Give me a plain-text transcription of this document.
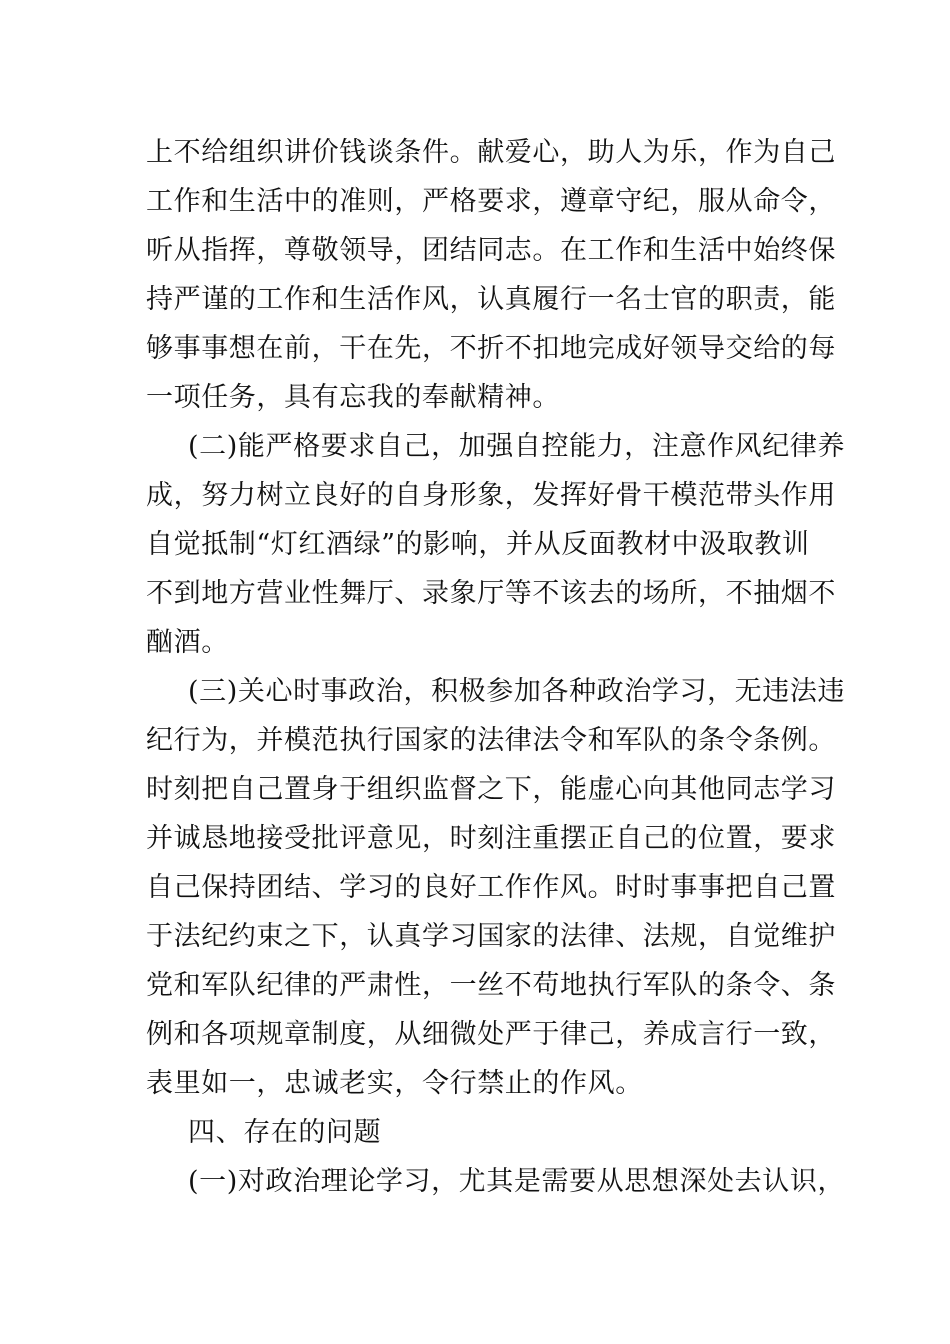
上不给组织讲价钱谈条件。献爱心，助人为乐，作为自己
工作和生活中的准则，严格要求，遵章守纪，服从命令，
听从指挥，尊敬领导，团结同志。在工作和生活中始终保
持严谨的工作和生活作风，认真履行一名士官的职责，能
够事事想在前，干在先，不折不扣地完成好领导交给的每
一项任务，具有忘我的奉献精神。
(二)能严格要求自己，加强自控能力，注意作风纪律养
成，努力树立良好的自身形象，发挥好骨干模范带头作用
自觉抵制“灯红酒绿”的影响，并从反面教材中汲取教训
不到地方营业性舞厅、录象厅等不该去的场所，不抽烟不
酗酒。
(三)关心时事政治，积极参加各种政治学习，无违法违
纪行为，并模范执行国家的法律法令和军队的条令条例。
时刻把自己置身于组织监督之下，能虚心向其他同志学习
并诚恳地接受批评意见，时刻注重摆正自己的位置，要求
自己保持团结、学习的良好工作作风。时时事事把自己置
于法纪约束之下，认真学习国家的法律、法规，自觉维护
党和军队纪律的严肃性，一丝不苟地执行军队的条令、条
例和各项规章制度，从细微处严于律己，养成言行一致，
表里如一，忠诚老实，令行禁止的作风。
四、存在的问题
(一)对政治理论学习，尤其是需要从思想深处去认识，
